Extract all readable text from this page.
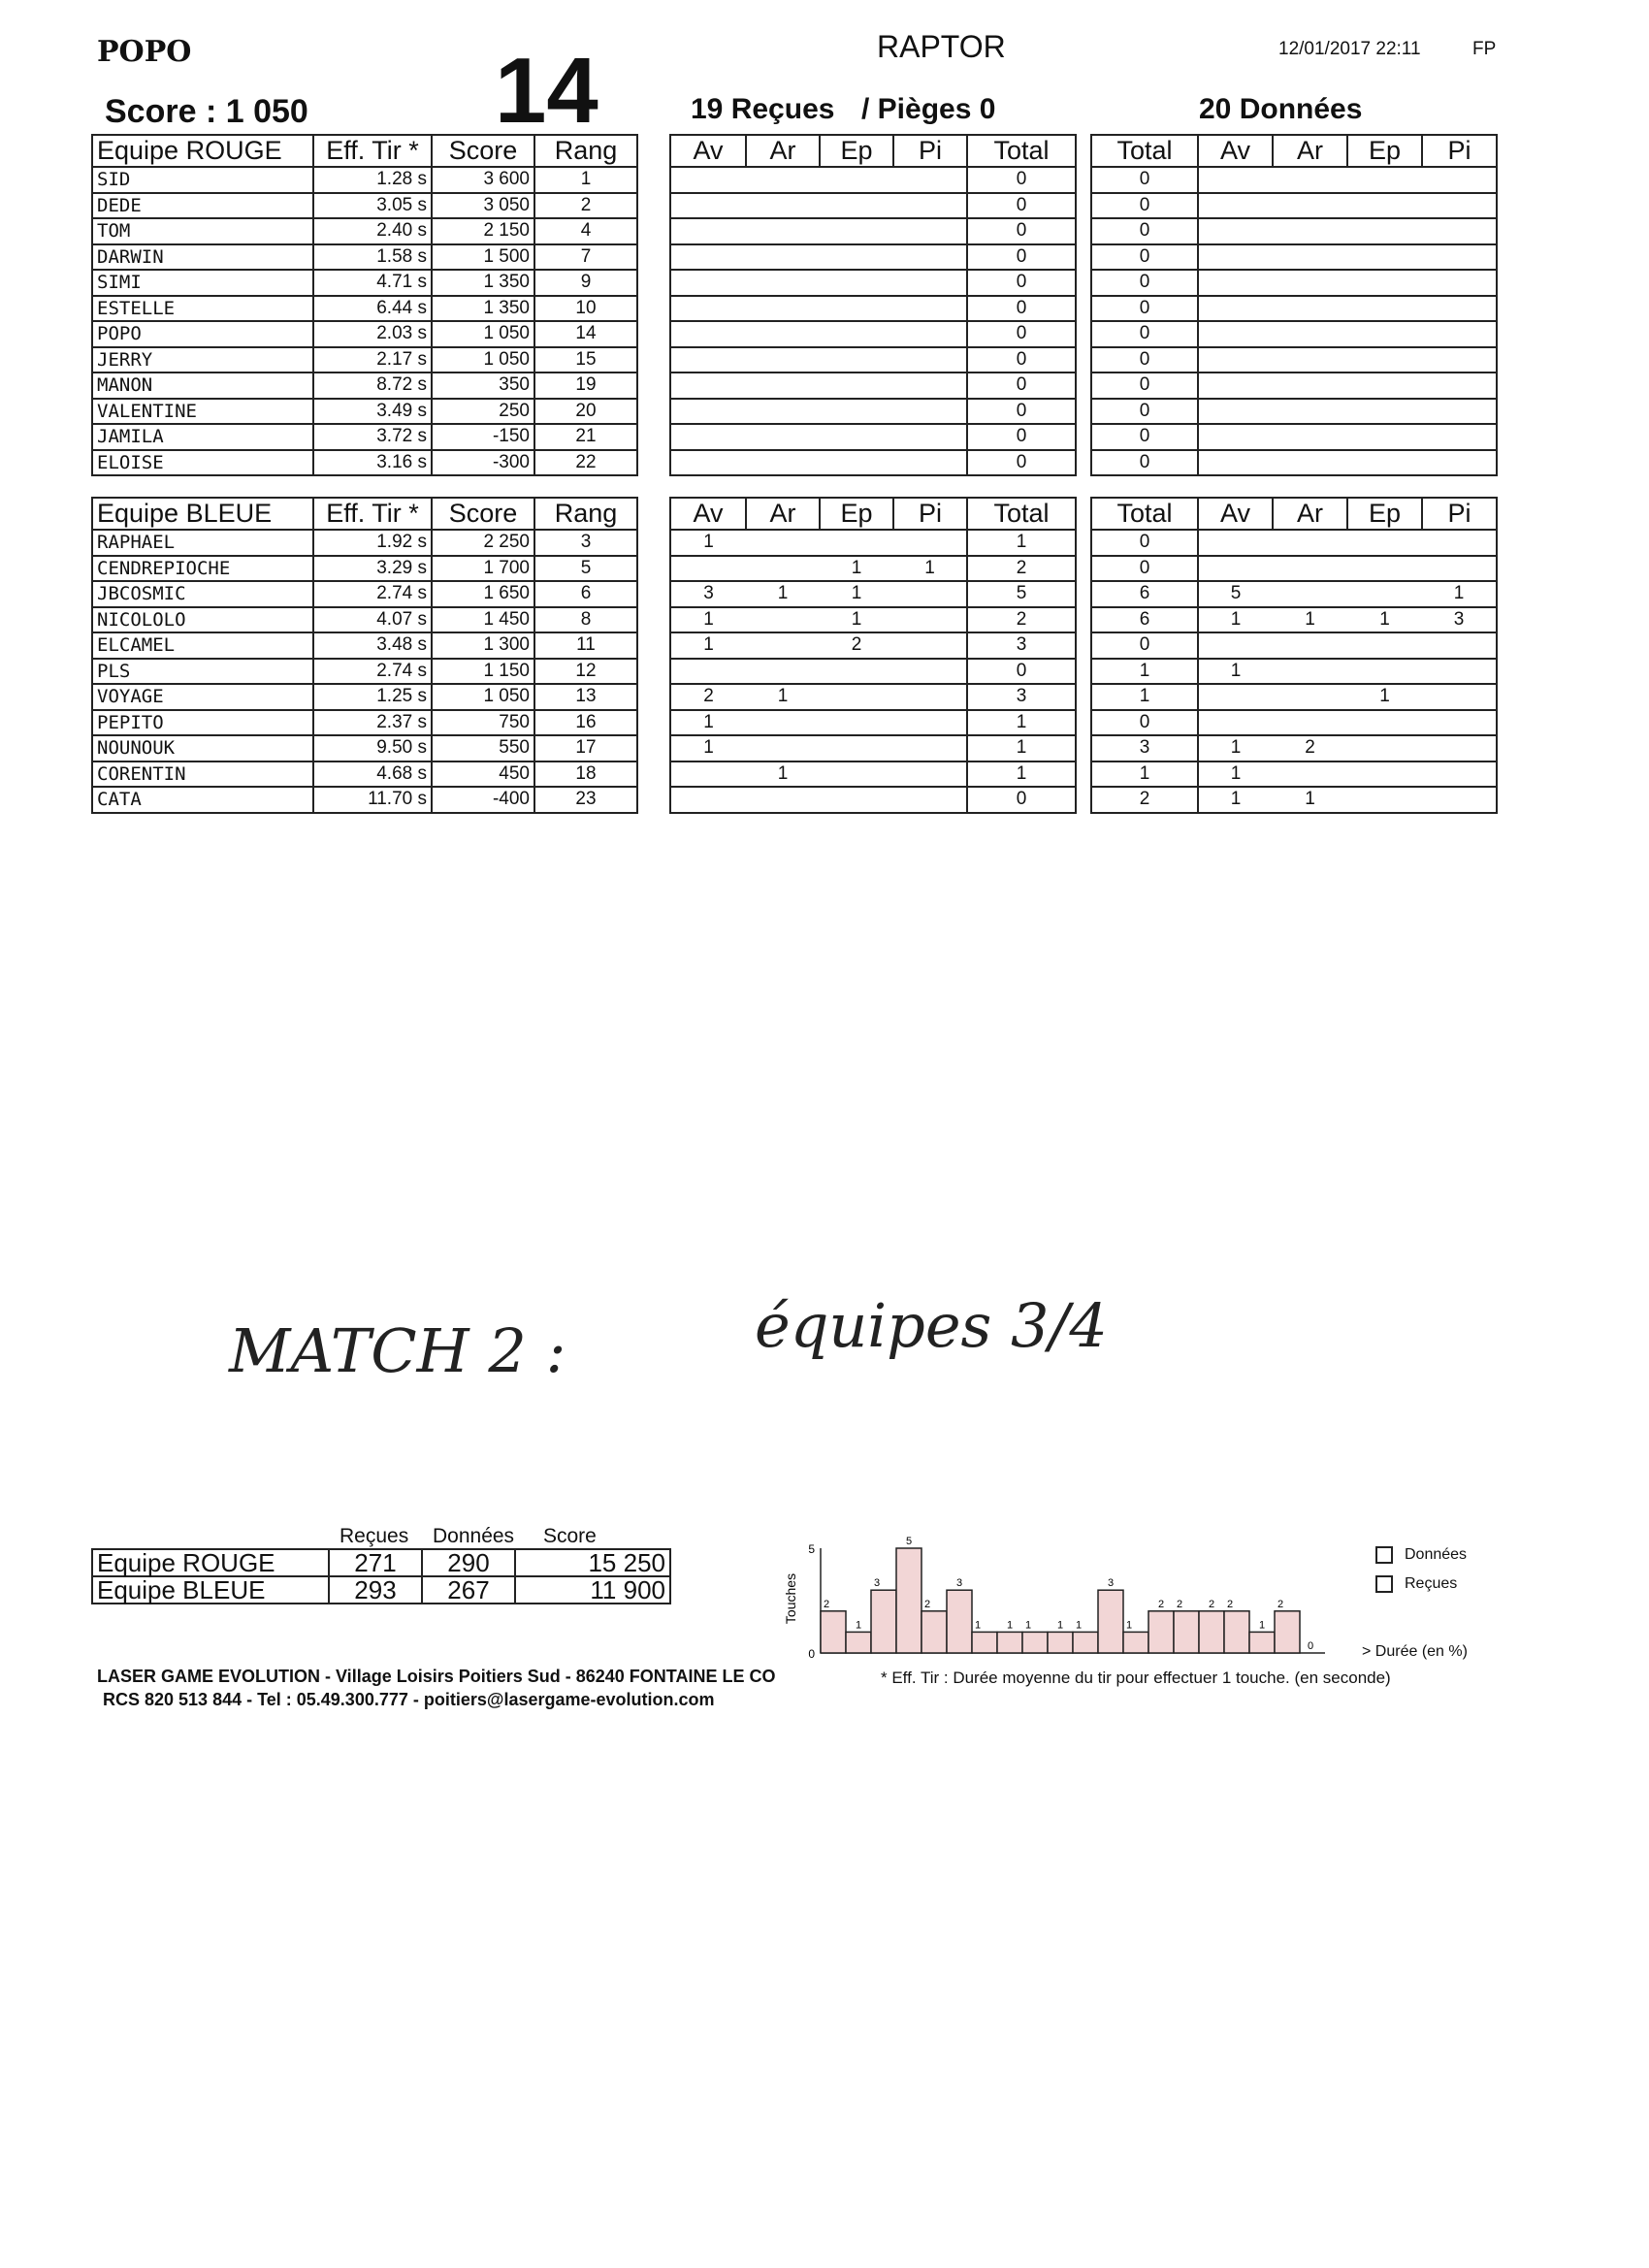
POPO	RAPTOR	12/01/2017 22:11	FP
Score : 1 050 14	19 Reçues / Pièges 0	20 Données
Equipe ROUGE	Eff. Tir *	Score	Rang
SID	1.28 s	3 600	1
DEDE	3.05 s	3 050	2
TOM	2.40 s	2 150	4
DARWIN	1.58 s	1 500	7
SIMI	4.71 s	1 350	9
ESTELLE	6.44 s	1 350	10
POPO	2.03 s	1 050	14
JERRY	2.17 s	1 050	15
MANON	8.72 s	350	19
VALENTINE	3.49 s	250	20
JAMILA	3.72 s	-150	21
ELOISE	3.16 s	-300	22
Av	Ar	Ep	Pi	Total
				0
				0
				0
				0
				0
				0
				0
				0
				0
				0
				0
				0
Total	Av	Ar	Ep	Pi
0				
0				
0				
0				
0				
0				
0				
0				
0				
0				
0				
0				
Equipe BLEUE	Eff. Tir *	Score	Rang
RAPHAEL	1.92 s	2 250	3
CENDREPIOCHE	3.29 s	1 700	5
JBCOSMIC	2.74 s	1 650	6
NICOLOLO	4.07 s	1 450	8
ELCAMEL	3.48 s	1 300	11
PLS	2.74 s	1 150	12
VOYAGE	1.25 s	1 050	13
PEPITO	2.37 s	750	16
NOUNOUK	9.50 s	550	17
CORENTIN	4.68 s	450	18
CATA	11.70 s	-400	23
Av	Ar	Ep	Pi	Total
1				1
		1	1	2
3	1	1		5
1		1		2
1		2		3
				0
2	1			3
1				1
1				1
	1			1
				0
Total	Av	Ar	Ep	Pi
0				
0				
6	5			1
6	1	1	1	3
0				
1	1			
1			1	
0				
3	1	2		
1	1			
2	1	1		
MATCH 2 :	équipes 3/4
Reçues Données Score
Equipe ROUGE	271	290	15 250
Equipe BLEUE	293	267	11 900	Touches
0
5
2
1
3
5
2
3
1 1 1 1 1
3
1
2 2 2 2
1
2
0	> Durée (en %)
Données
Reçues
LASER GAME EVOLUTION - Village Loisirs Poitiers Sud - 86240 FONTAINE LE CO
RCS 820 513 844 - Tel : 05.49.300.777 - poitiers@lasergame-evolution.com
* Eff. Tir : Durée moyenne du tir pour effectuer 1 touche. (en seconde)
